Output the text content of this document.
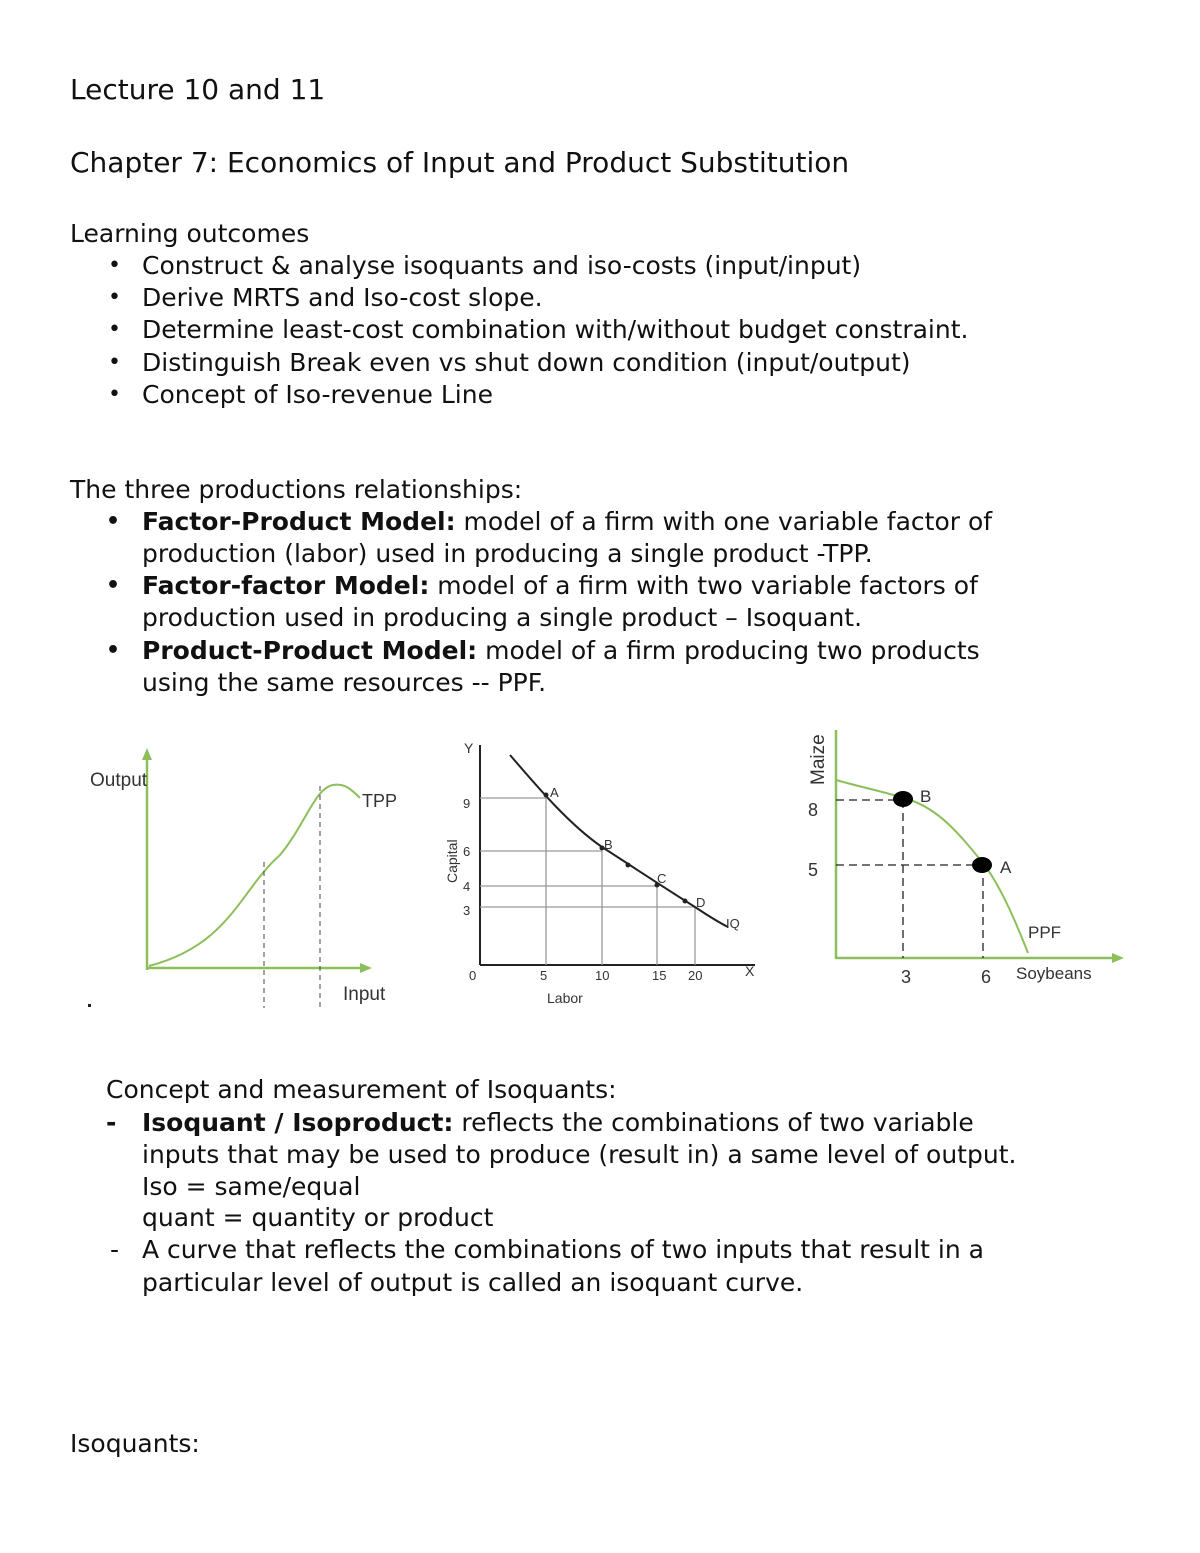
Lecture 10 and 11
Chapter 7: Economics of Input and Product Substitution
Learning outcomes
• Construct & analyse isoquants and iso-costs (input/input)
• Derive MRTS and Iso-cost slope.
• Determine least-cost combination with/without budget constraint.
• Distinguish Break even vs shut down condition (input/output)
• Concept of Iso-revenue Line
The three productions relationships:
• Factor-Product Model: model of a firm with one variable factor of
production (labor) used in producing a single product -TPP.
• Factor-factor Model: model of a firm with two variable factors of
production used in producing a single product – Isoquant.
• Product-Product Model: model of a firm producing two products
using the same resources -- PPF.
Output
Input
TPP
Y
X
0	5	10	15 20
9
6
4
3
A
B
C
D
IQ
Labor
Capital
Maize
8
5
3	6
B
A
PPF
Soybeans
Concept and measurement of Isoquants:
- Isoquant / Isoproduct: reflects the combinations of two variable
inputs that may be used to produce (result in) a same level of output.
Iso = same/equal
quant = quantity or product
- A curve that reflects the combinations of two inputs that result in a
particular level of output is called an isoquant curve.
Isoquants:
